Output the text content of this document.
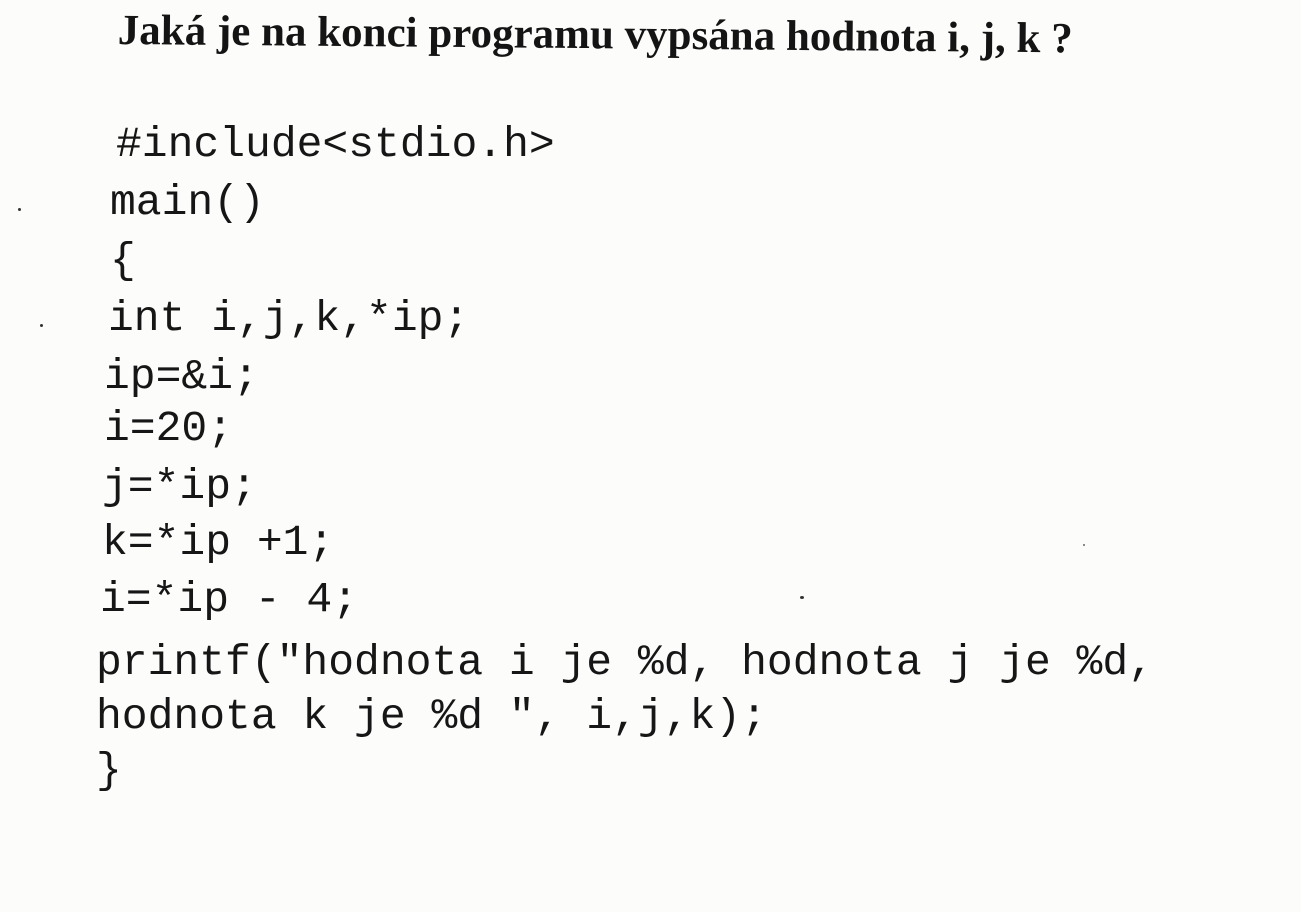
Jaká je na konci programu vypsána hodnota i, j, k ?
#include<stdio.h>
main()
{
int i,j,k,*ip;
ip=&i;
i=20;
j=*ip;
k=*ip +1;
i=*ip - 4;
printf("hodnota i je %d, hodnota j je %d,
hodnota k je %d ", i,j,k);
}
